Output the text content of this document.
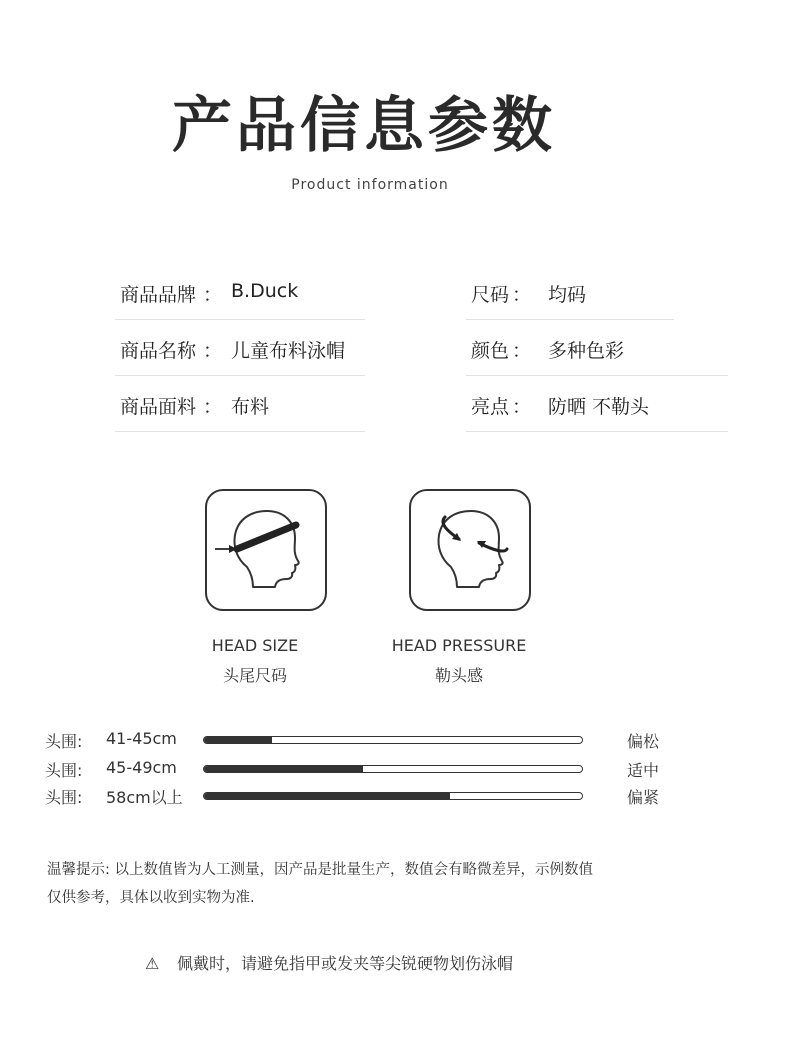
产品信息参数
Product information
商品品牌 ： B.Duck	尺码 ： 均码
商品名称 ： 儿童布料泳帽	颜色 ： 多种色彩
商品面料 ： 布料	亮点 ： 防晒 不勒头
HEAD SIZE
头尾尺码
HEAD PRESSURE
勒头感
头围: 41-45cm	偏松
头围: 45-49cm	适中
头围: 58cm以上	偏紧
温馨提示: 以上数值皆为人工测量，因产品是批量生产，数值会有略微差异，示例数值
仅供参考，具体以收到实物为准.
⚠ 佩戴时，请避免指甲或发夹等尖锐硬物划伤泳帽
